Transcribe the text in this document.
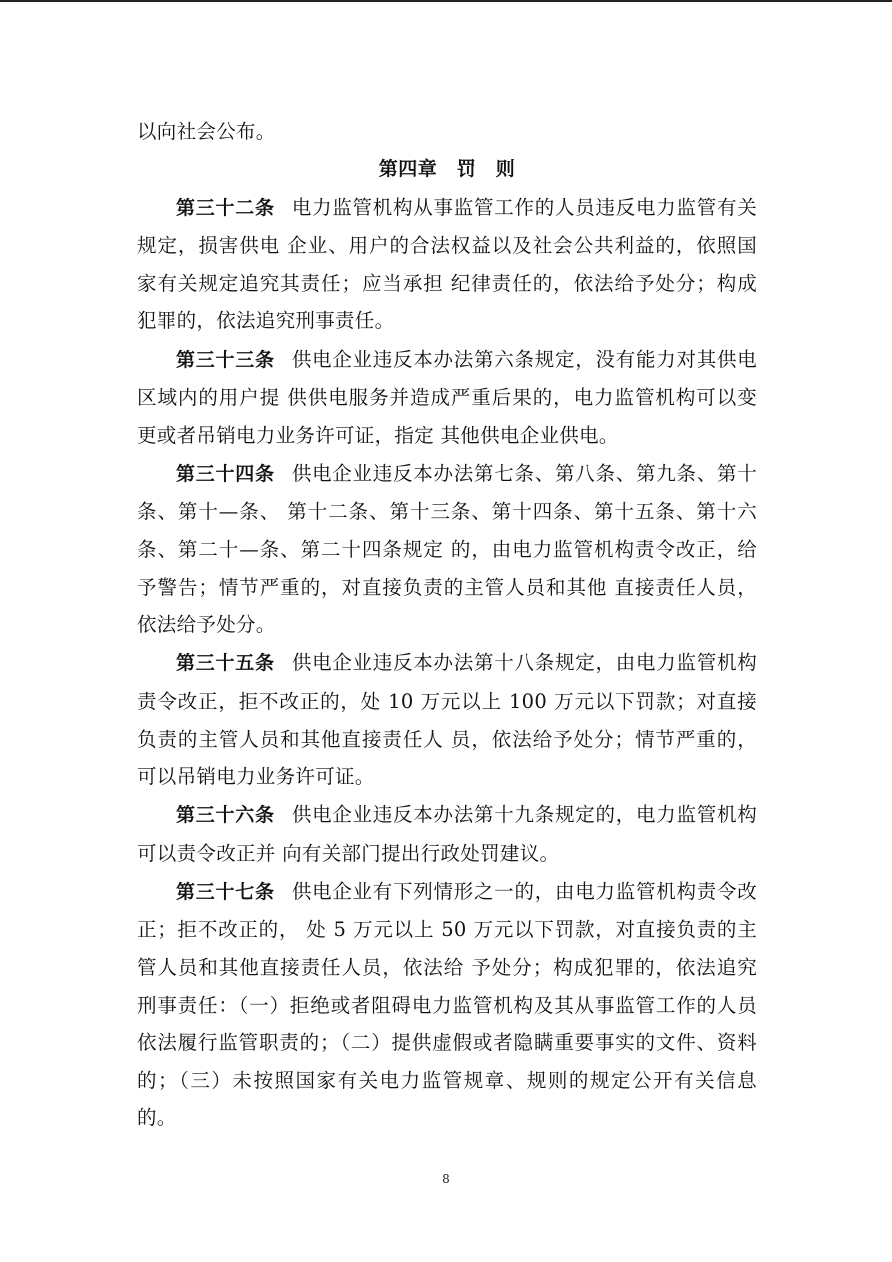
以向社会公布。

第四章　罚　则

第三十二条 电力监管机构从事监管工作的人员违反电力监管有关规定，损害供电 企业、用户的合法权益以及社会公共利益的，依照国家有关规定追究其责任；应当承担 纪律责任的，依法给予处分；构成犯罪的，依法追究刑事责任。

第三十三条 供电企业违反本办法第六条规定，没有能力对其供电区域内的用户提 供供电服务并造成严重后果的，电力监管机构可以变更或者吊销电力业务许可证，指定 其他供电企业供电。

第三十四条 供电企业违反本办法第七条、第八条、第九条、第十条、第十—条、 第十二条、第十三条、第十四条、第十五条、第十六条、第二十—条、第二十四条规定 的，由电力监管机构责令改正，给予警告；情节严重的，对直接负责的主管人员和其他 直接责任人员，依法给予处分。

第三十五条 供电企业违反本办法第十八条规定，由电力监管机构责令改正，拒不改正的，处 10 万元以上 100 万元以下罚款；对直接负责的主管人员和其他直接责任人 员，依法给予处分；情节严重的，可以吊销电力业务许可证。

第三十六条 供电企业违反本办法第十九条规定的，电力监管机构可以责令改正并 向有关部门提出行政处罚建议。

第三十七条 供电企业有下列情形之一的，由电力监管机构责令改正；拒不改正的， 处 5 万元以上 50 万元以下罚款，对直接负责的主管人员和其他直接责任人员，依法给 予处分；构成犯罪的，依法追究刑事责任：（一）拒绝或者阻碍电力监管机构及其从事监管工作的人员依法履行监管职责的；（二）提供虚假或者隐瞒重要事实的文件、资料的；（三）未按照国家有关电力监管规章、规则的规定公开有关信息的。

8
